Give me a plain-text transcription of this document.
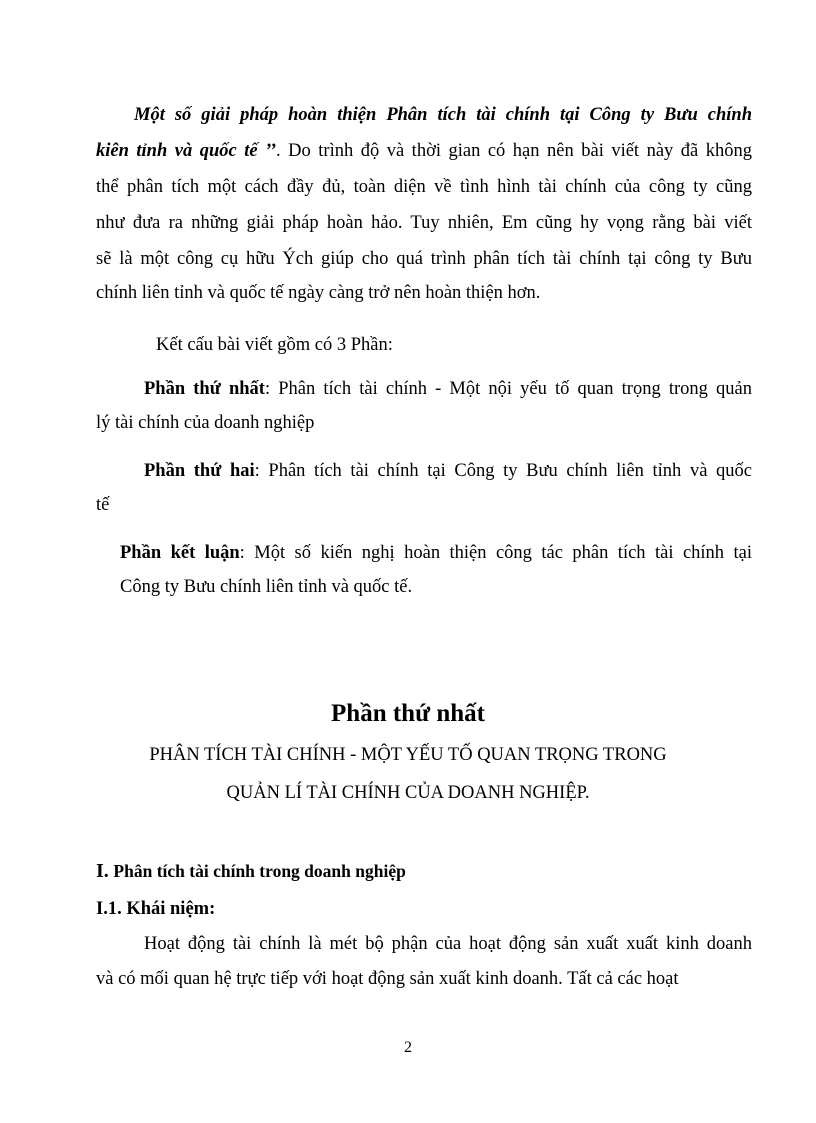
Một số giải pháp hoàn thiện Phân tích tài chính tại Công ty Bưu chính
kiên tỉnh và quốc tế ’’. Do trình độ và thời gian có hạn nên bài viết này đã không
thể phân tích một cách đầy đủ, toàn diện về tình hình tài chính của công ty cũng
như đưa ra những giải pháp hoàn hảo. Tuy nhiên, Em cũng hy vọng rằng bài viết
sẽ là một công cụ hữu Ých giúp cho quá trình phân tích tài chính tại công ty Bưu
chính liên tỉnh và quốc tế ngày càng trở nên hoàn thiện hơn.
Kết cấu bài viết gồm có 3 Phần:
Phần thứ nhất: Phân tích tài chính - Một nội yếu tố quan trọng trong quản
lý tài chính của doanh nghiệp
Phần thứ hai: Phân tích tài chính tại Công ty Bưu chính liên tỉnh và quốc
tế
Phần kết luận: Một số kiến nghị hoàn thiện công tác phân tích tài chính tại
Công ty Bưu chính liên tỉnh và quốc tế.
Phần thứ nhất
PHÂN TÍCH TÀI CHÍNH - MỘT YẾU TỐ QUAN TRỌNG TRONG
QUẢN LÍ TÀI CHÍNH CỦA DOANH NGHIỆP.
I. Phân tích tài chính trong doanh nghiệp
I.1. Khái niệm:
Hoạt động tài chính là mét bộ phận của hoạt động sản xuất xuất kinh doanh
và có mối quan hệ trực tiếp với hoạt động sản xuất kinh doanh. Tất cả các hoạt
2
